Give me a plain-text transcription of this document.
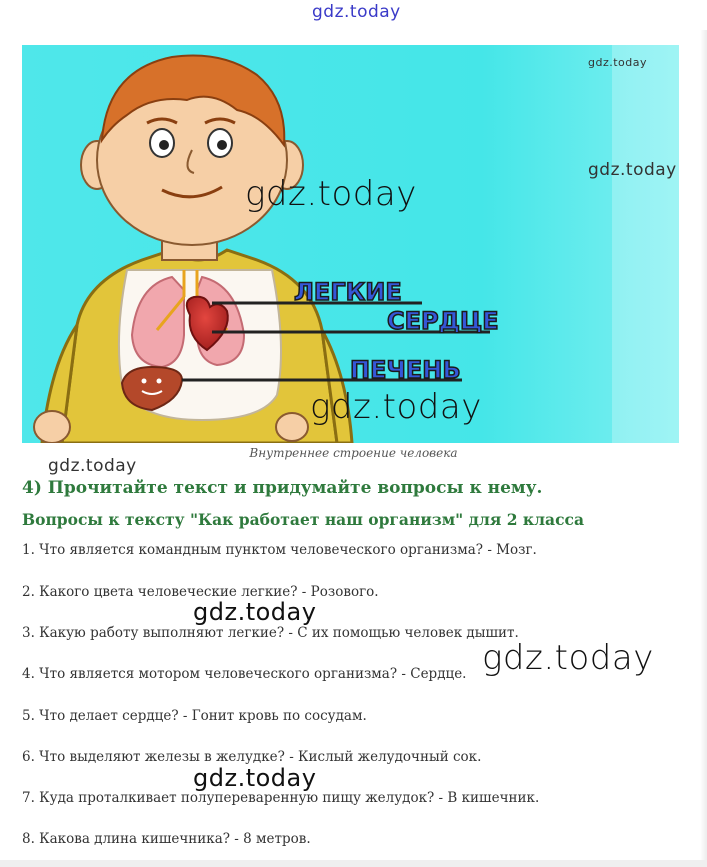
gdz.today
ЛЕГКИЕ
СЕРДЦЕ
ПЕЧЕНЬ
gdz.today
gdz.today
gdz.today
gdz.today
Внутреннее строение человека
gdz.today
4) Прочитайте текст и придумайте вопросы к нему.
Вопросы к тексту "Как работает наш организм" для 2 класса
1. Что является командным пунктом человеческого организма? - Мозг.
2. Какого цвета человеческие легкие? - Розового.
3. Какую работу выполняют легкие? - С их помощью человек дышит.
4. Что является мотором человеческого организма? - Сердце.
5. Что делает сердце? - Гонит кровь по сосудам.
6. Что выделяют железы в желудке? - Кислый желудочный сок.
7. Куда проталкивает полупереваренную пищу желудок? - В кишечник.
8. Какова длина кишечника? - 8 метров.
gdz.today
gdz.today
gdz.today
